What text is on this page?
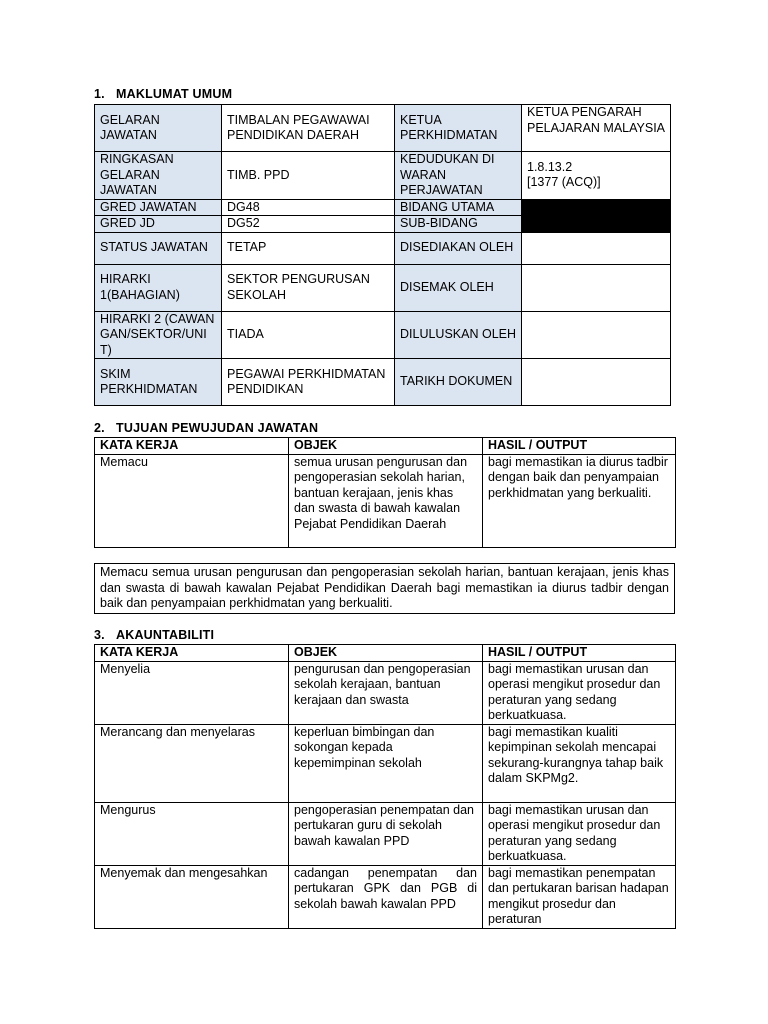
1. MAKLUMAT UMUM
GELARAN JAWATAN	TIMBALAN PEGAWAWAI PENDIDIKAN DAERAH	KETUA PERKHIDMATAN	KETUA PENGARAH PELAJARAN MALAYSIA
RINGKASAN GELARAN JAWATAN	TIMB. PPD	KEDUDUKAN DI WARAN PERJAWATAN	1.8.13.2
[1377 (ACQ)]

GRED JAWATAN	DG48	BIDANG UTAMA	
GRED JD	DG52	SUB-BIDANG	
STATUS JAWATAN	TETAP	DISEDIAKAN OLEH	
HIRARKI 1(BAHAGIAN)	SEKTOR PENGURUSAN SEKOLAH	DISEMAK OLEH	
HIRARKI 2 (CAWANGAN/SEKTOR/UNIT)	TIADA	DILULUSKAN OLEH	
SKIM PERKHIDMATAN	PEGAWAI PERKHIDMATAN PENDIDIKAN	TARIKH DOKUMEN	
2. TUJUAN PEWUJUDAN JAWATAN
KATA KERJA	OBJEK	HASIL / OUTPUT
Memacu	semua urusan pengurusan dan pengoperasian sekolah harian, bantuan kerajaan, jenis khas dan swasta di bawah kawalan Pejabat Pendidikan Daerah	bagi memastikan ia diurus tadbir dengan baik dan penyampaian perkhidmatan yang berkualiti.
Memacu semua urusan pengurusan dan pengoperasian sekolah harian, bantuan kerajaan, jenis khas dan swasta di bawah kawalan Pejabat Pendidikan Daerah bagi memastikan ia diurus tadbir dengan baik dan penyampaian perkhidmatan yang berkualiti.
3. AKAUNTABILITI
KATA KERJA	OBJEK	HASIL / OUTPUT
Menyelia	pengurusan dan pengoperasian sekolah kerajaan, bantuan kerajaan dan swasta	bagi memastikan urusan dan operasi mengikut prosedur dan peraturan yang sedang berkuatkuasa.
Merancang dan menyelaras	keperluan bimbingan dan sokongan kepada kepemimpinan sekolah	bagi memastikan kualiti kepimpinan sekolah mencapai sekurang-kurangnya tahap baik dalam SKPMg2.
Mengurus	pengoperasian penempatan dan pertukaran guru di sekolah bawah kawalan PPD	bagi memastikan urusan dan operasi mengikut prosedur dan peraturan yang sedang berkuatkuasa.
Menyemak dan mengesahkan	cadangan penempatan dan pertukaran GPK dan PGB di sekolah bawah kawalan PPD	bagi memastikan penempatan dan pertukaran barisan hadapan mengikut prosedur dan peraturan
